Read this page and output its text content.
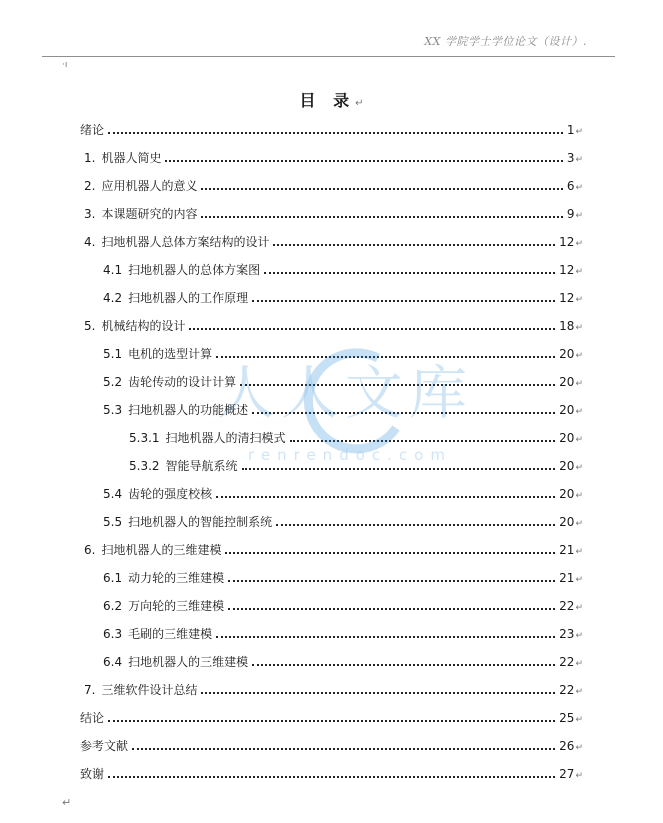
XX 学院学士学位论文（设计）.
·ı
目 录↵
绪论	1 ↵
1. 机器人简史	3 ↵
2. 应用机器人的意义	6 ↵
3. 本课题研究的内容	9 ↵
4. 扫地机器人总体方案结构的设计	12 ↵
4.1 扫地机器人的总体方案图	12 ↵
4.2 扫地机器人的工作原理	12 ↵
5. 机械结构的设计	18 ↵
5.1 电机的选型计算	20 ↵
5.2 齿轮传动的设计计算	20 ↵
5.3 扫地机器人的功能概述	20 ↵
5.3.1 扫地机器人的清扫模式	20 ↵
5.3.2 智能导航系统	20 ↵
5.4 齿轮的强度校核	20 ↵
5.5 扫地机器人的智能控制系统	20 ↵
6. 扫地机器人的三维建模	21 ↵
6.1 动力轮的三维建模	21 ↵
6.2 万向轮的三维建模	22 ↵
6.3 毛刷的三维建模	23 ↵
6.4 扫地机器人的三维建模	22 ↵
7. 三维软件设计总结	22 ↵
结论	25 ↵
参考文献	26 ↵
致谢	27 ↵
人人文库
renrendoc.com
↵
